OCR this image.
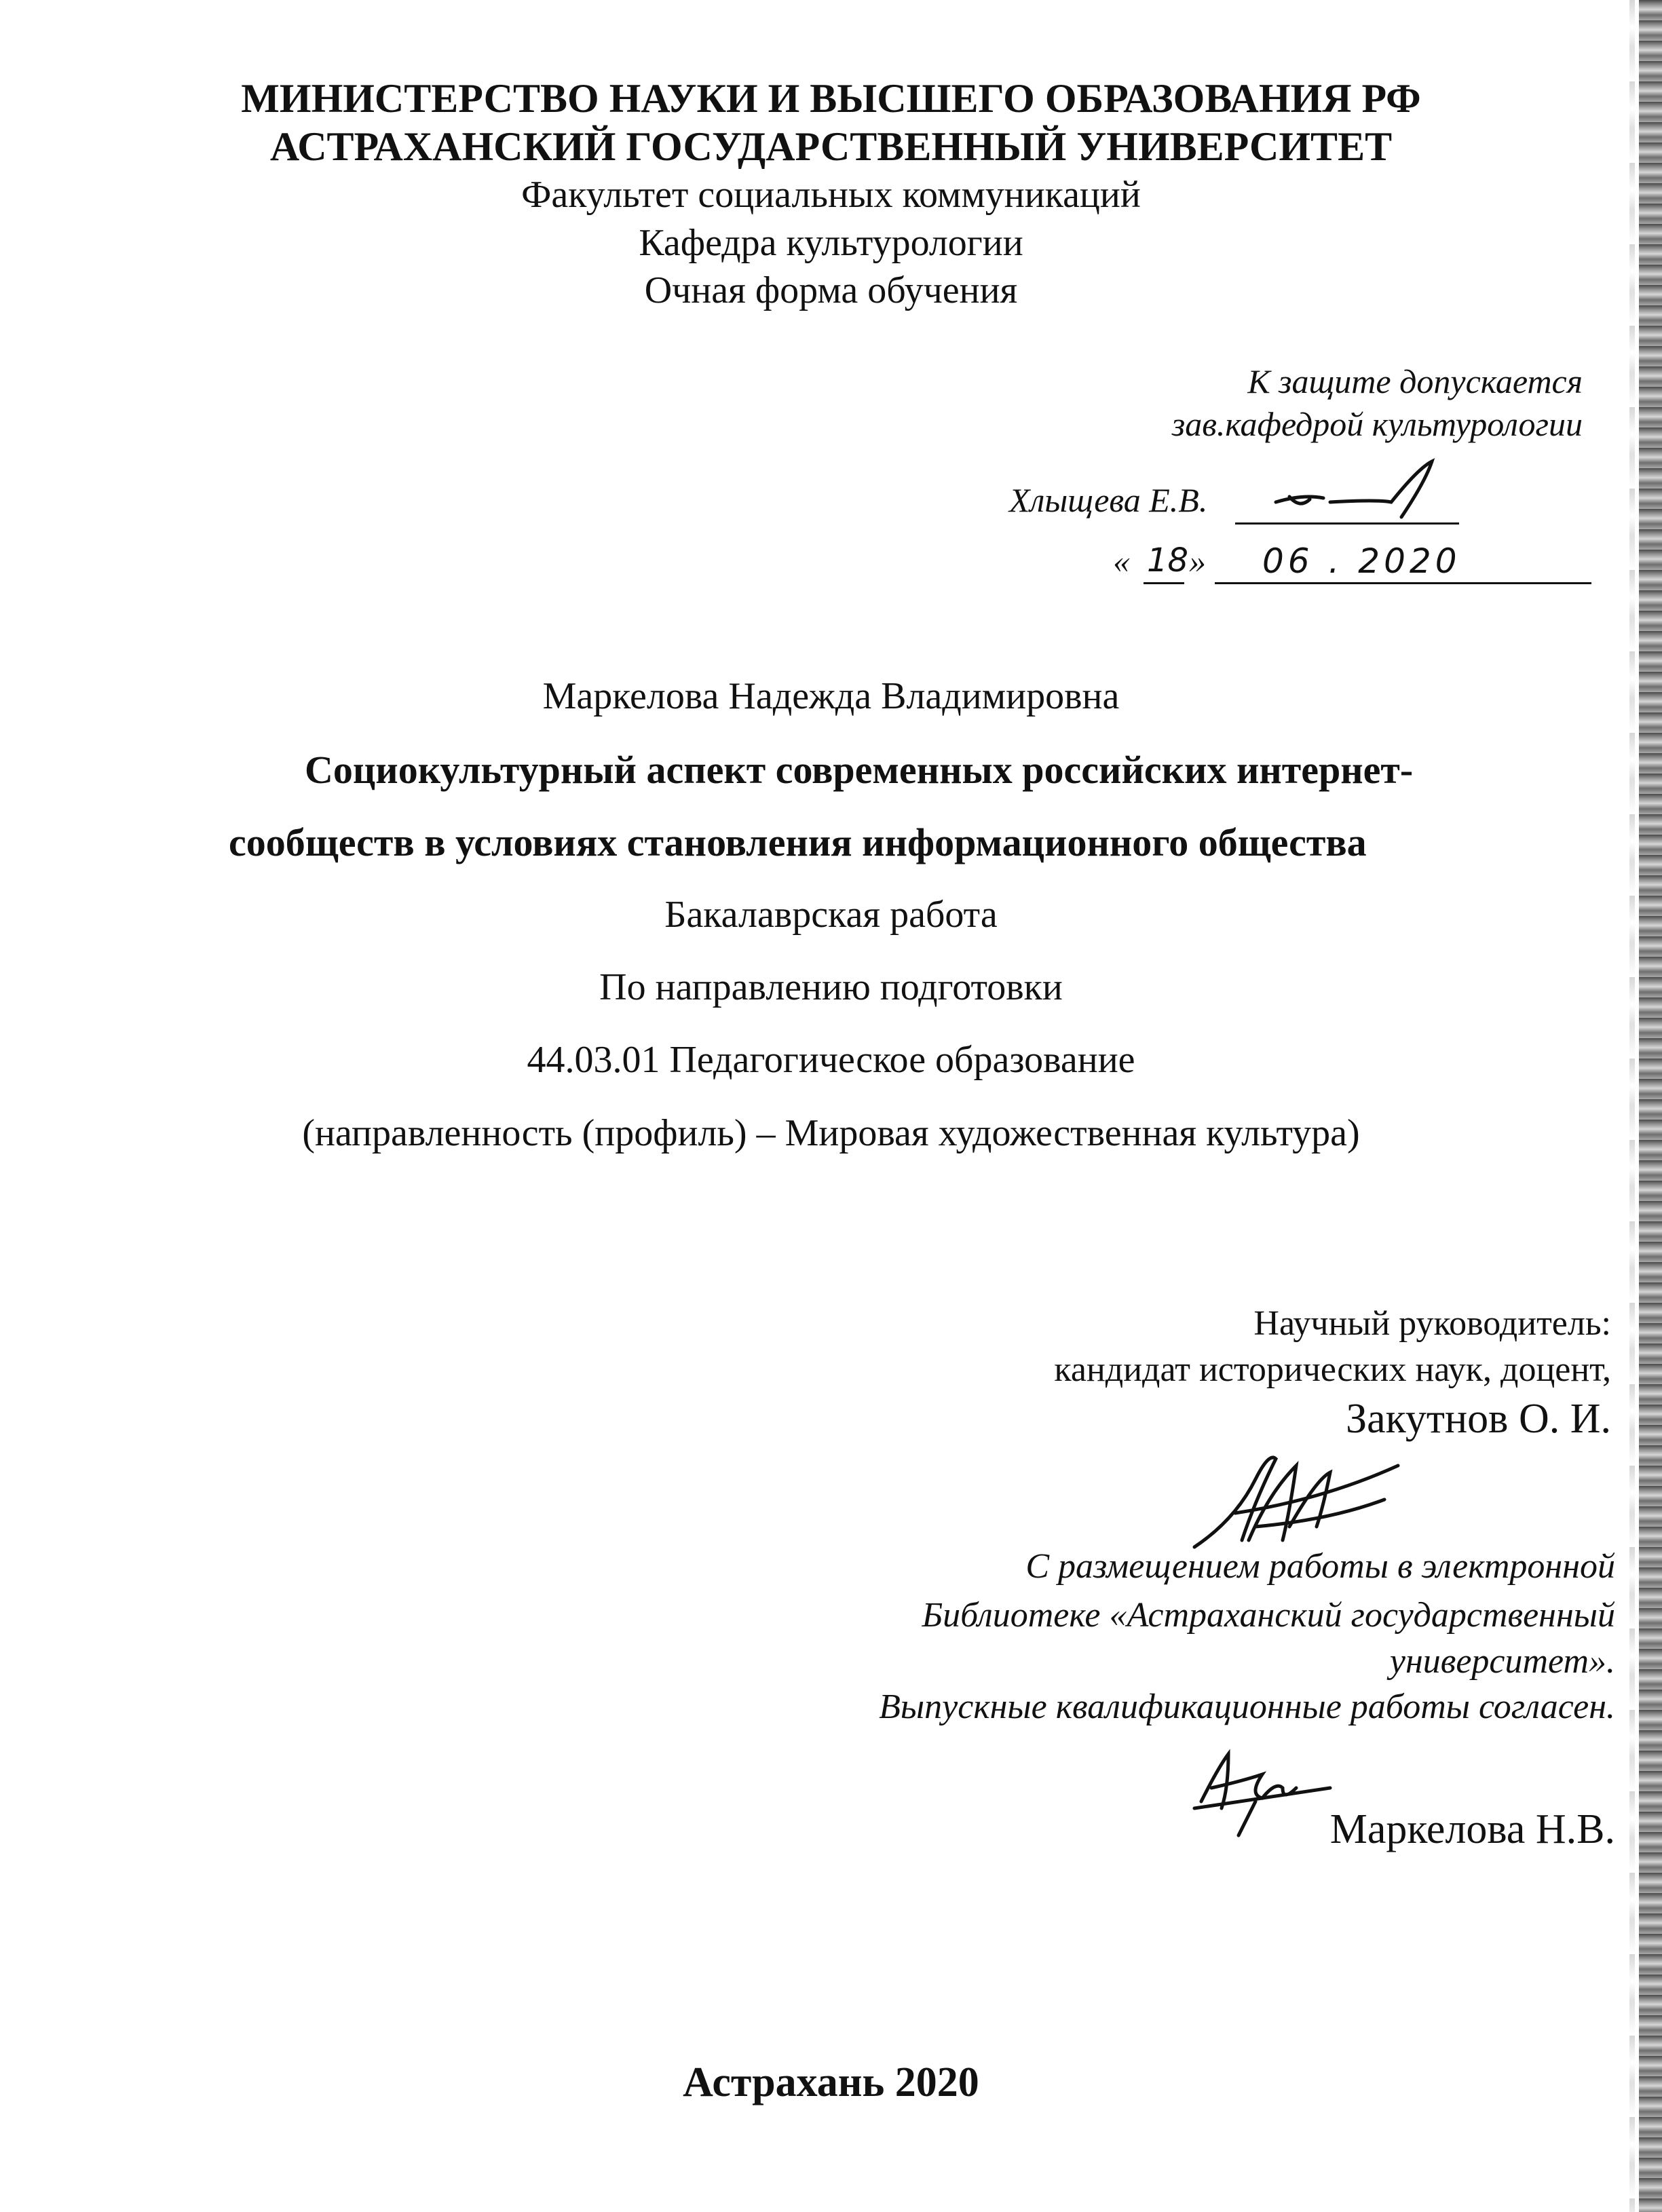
МИНИСТЕРСТВО НАУКИ И ВЫСШЕГО ОБРАЗОВАНИЯ РФ
АСТРАХАНСКИЙ ГОСУДАРСТВЕННЫЙ УНИВЕРСИТЕТ
Факультет социальных коммуникаций
Кафедра культурологии
Очная форма обучения
К защите допускается
зав.кафедрой культурологии
Хлыщева Е.В.
« 18 » 06 . 2020
Маркелова Надежда Владимировна
Социокультурный аспект современных российских интернет-
сообществ в условиях становления информационного общества
Бакалаврская работа
По направлению подготовки
44.03.01 Педагогическое образование
(направленность (профиль) – Мировая художественная культура)
Научный руководитель:
кандидат исторических наук, доцент,
Закутнов О. И.
С размещением работы в электронной
Библиотеке «Астраханский государственный
университет».
Выпускные квалификационные работы согласен.
Маркелова Н.В.
Астрахань 2020
